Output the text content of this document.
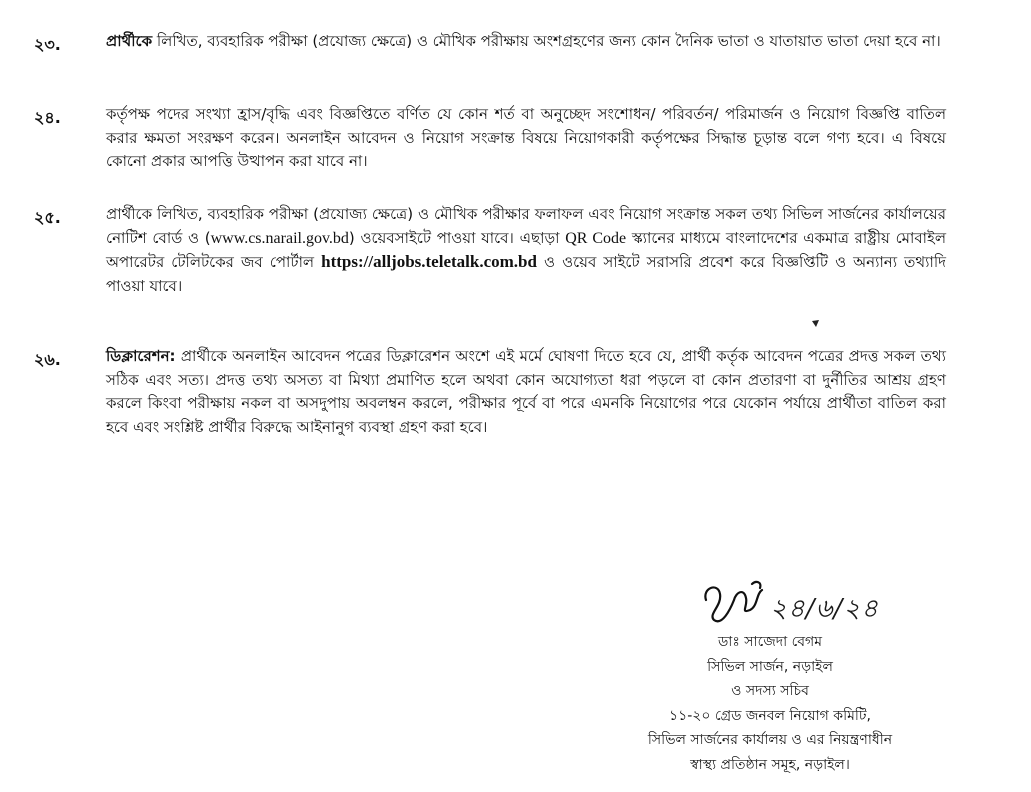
২৩.	প্রার্থীকে লিখিত, ব্যবহারিক পরীক্ষা (প্রযোজ্য ক্ষেত্রে) ও মৌখিক পরীক্ষায় অংশগ্রহণের জন্য কোন দৈনিক ভাতা ও যাতায়াত ভাতা দেয়া হবে না।
২৪.	কর্তৃপক্ষ পদের সংখ্যা হ্রাস/বৃদ্ধি এবং বিজ্ঞপ্তিতে বর্ণিত যে কোন শর্ত বা অনুচ্ছেদ সংশোধন/ পরিবর্তন/ পরিমার্জন ও নিয়োগ বিজ্ঞপ্তি বাতিল করার ক্ষমতা সংরক্ষণ করেন। অনলাইন আবেদন ও নিয়োগ সংক্রান্ত বিষয়ে নিয়োগকারী কর্তৃপক্ষের সিদ্ধান্ত চূড়ান্ত বলে গণ্য হবে। এ বিষয়ে কোনো প্রকার আপত্তি উত্থাপন করা যাবে না।
২৫.	প্রার্থীকে লিখিত, ব্যবহারিক পরীক্ষা (প্রযোজ্য ক্ষেত্রে) ও মৌখিক পরীক্ষার ফলাফল এবং নিয়োগ সংক্রান্ত সকল তথ্য সিভিল সার্জনের কার্যালয়ের নোটিশ বোর্ড ও (www.cs.narail.gov.bd) ওয়েবসাইটে পাওয়া যাবে। এছাড়া QR Code স্ক্যানের মাধ্যমে বাংলাদেশের একমাত্র রাষ্ট্রীয় মোবাইল অপারেটর টেলিটকের জব পোর্টাল https://alljobs.teletalk.com.bd ও ওয়েব সাইটে সরাসরি প্রবেশ করে বিজ্ঞপ্তিটি ও অন্যান্য তথ্যাদি পাওয়া যাবে।
২৬.	ডিক্লারেশন: প্রার্থীকে অনলাইন আবেদন পত্রের ডিক্লারেশন অংশে এই মর্মে ঘোষণা দিতে হবে যে, প্রার্থী কর্তৃক আবেদন পত্রের প্রদত্ত সকল তথ্য সঠিক এবং সত্য। প্রদত্ত তথ্য অসত্য বা মিথ্যা প্রমাণিত হলে অথবা কোন অযোগ্যতা ধরা পড়লে বা কোন প্রতারণা বা দুর্নীতির আশ্রয় গ্রহণ করলে কিংবা পরীক্ষায় নকল বা অসদুপায় অবলম্বন করলে, পরীক্ষার পূর্বে বা পরে এমনকি নিয়োগের পরে যেকোন পর্যায়ে প্রার্থীতা বাতিল করা হবে এবং সংশ্লিষ্ট প্রার্থীর বিরুদ্ধে আইনানুগ ব্যবস্থা গ্রহণ করা হবে।
২৪/৬/২৪
ডাঃ সাজেদা বেগম
সিভিল সার্জন, নড়াইল
ও সদস্য সচিব
১১-২০ গ্রেড জনবল নিয়োগ কমিটি,
সিভিল সার্জনের কার্যালয় ও এর নিয়ন্ত্রণাধীন
স্বাস্থ্য প্রতিষ্ঠান সমূহ, নড়াইল।
